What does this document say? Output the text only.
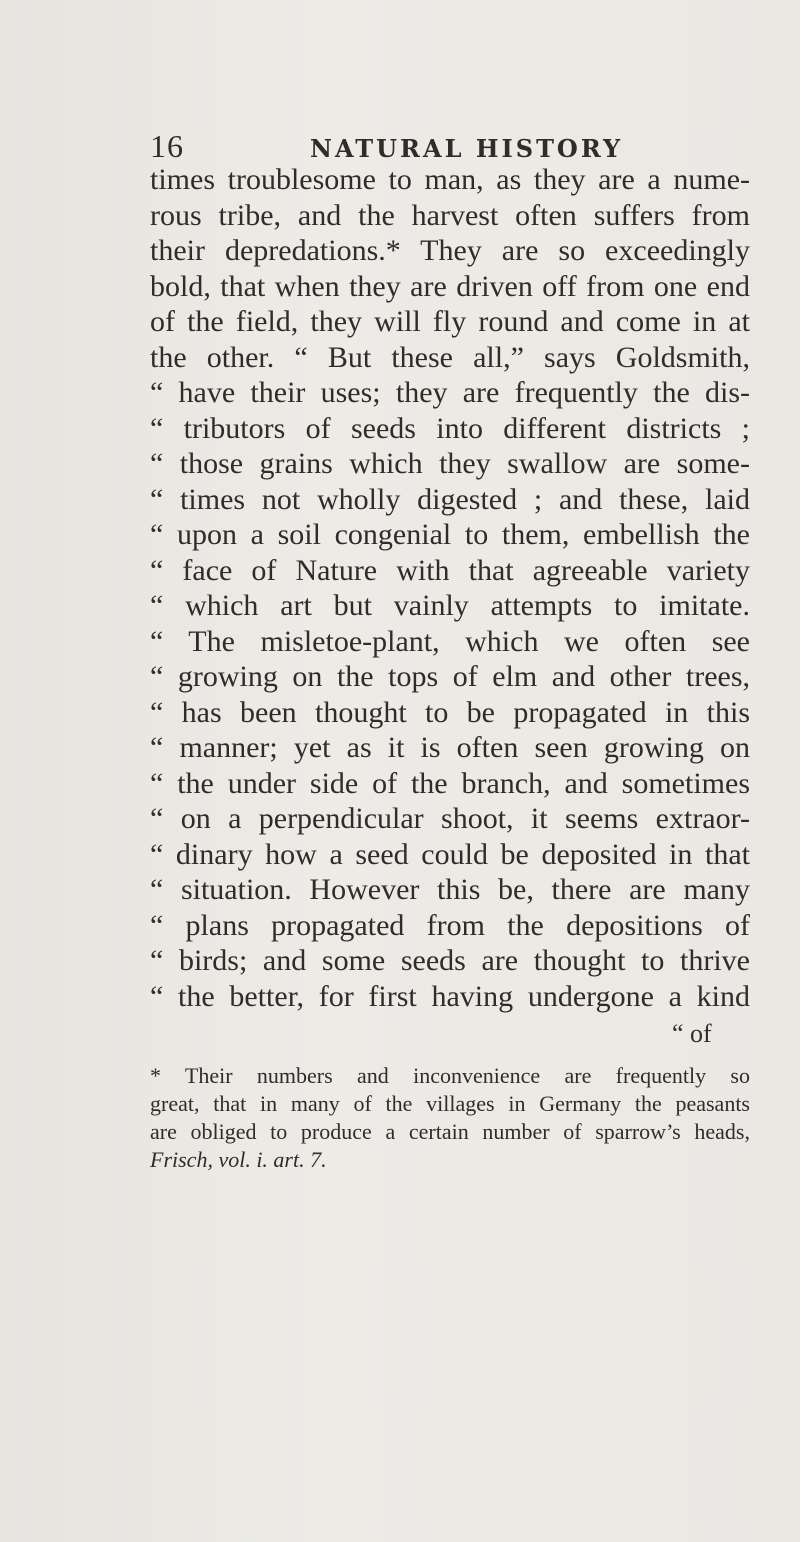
16	NATURAL HISTORY
times troublesome to man, as they are a nume-
rous tribe, and the harvest often suffers from
their depredations.* They are so exceedingly
bold, that when they are driven off from one end
of the field, they will fly round and come in at
the other. “ But these all,” says Goldsmith,
“ have their uses; they are frequently the dis-
“ tributors of seeds into different districts ;
“ those grains which they swallow are some-
“ times not wholly digested ; and these, laid
“ upon a soil congenial to them, embellish the
“ face of Nature with that agreeable variety
“ which art but vainly attempts to imitate.
“ The misletoe-plant, which we often see
“ growing on the tops of elm and other trees,
“ has been thought to be propagated in this
“ manner; yet as it is often seen growing on
“ the under side of the branch, and sometimes
“ on a perpendicular shoot, it seems extraor-
“ dinary how a seed could be deposited in that
“ situation. However this be, there are many
“ plans propagated from the depositions of
“ birds; and some seeds are thought to thrive
“ the better, for first having undergone a kind
“ of
* Their numbers and inconvenience are frequently so
great, that in many of the villages in Germany the peasants
are obliged to produce a certain number of sparrow’s heads,
Frisch, vol. i. art. 7.
